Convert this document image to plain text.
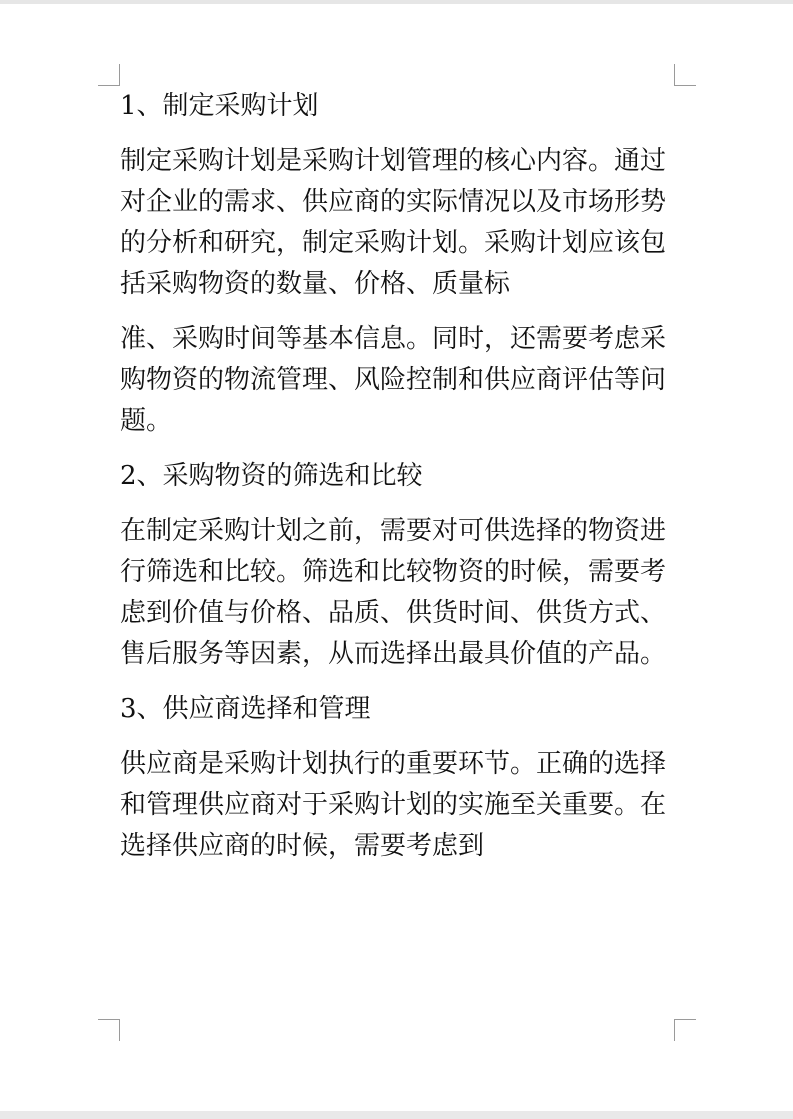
1、制定采购计划

制定采购计划是采购计划管理的核心内容。通过对企业的需求、供应商的实际情况以及市场形势的分析和研究，制定采购计划。采购计划应该包括采购物资的数量、价格、质量标

准、采购时间等基本信息。同时，还需要考虑采购物资的物流管理、风险控制和供应商评估等问题。

2、采购物资的筛选和比较

在制定采购计划之前，需要对可供选择的物资进行筛选和比较。筛选和比较物资的时候，需要考虑到价值与价格、品质、供货时间、供货方式、售后服务等因素，从而选择出最具价值的产品。

3、供应商选择和管理

供应商是采购计划执行的重要环节。正确的选择和管理供应商对于采购计划的实施至关重要。在选择供应商的时候，需要考虑到
